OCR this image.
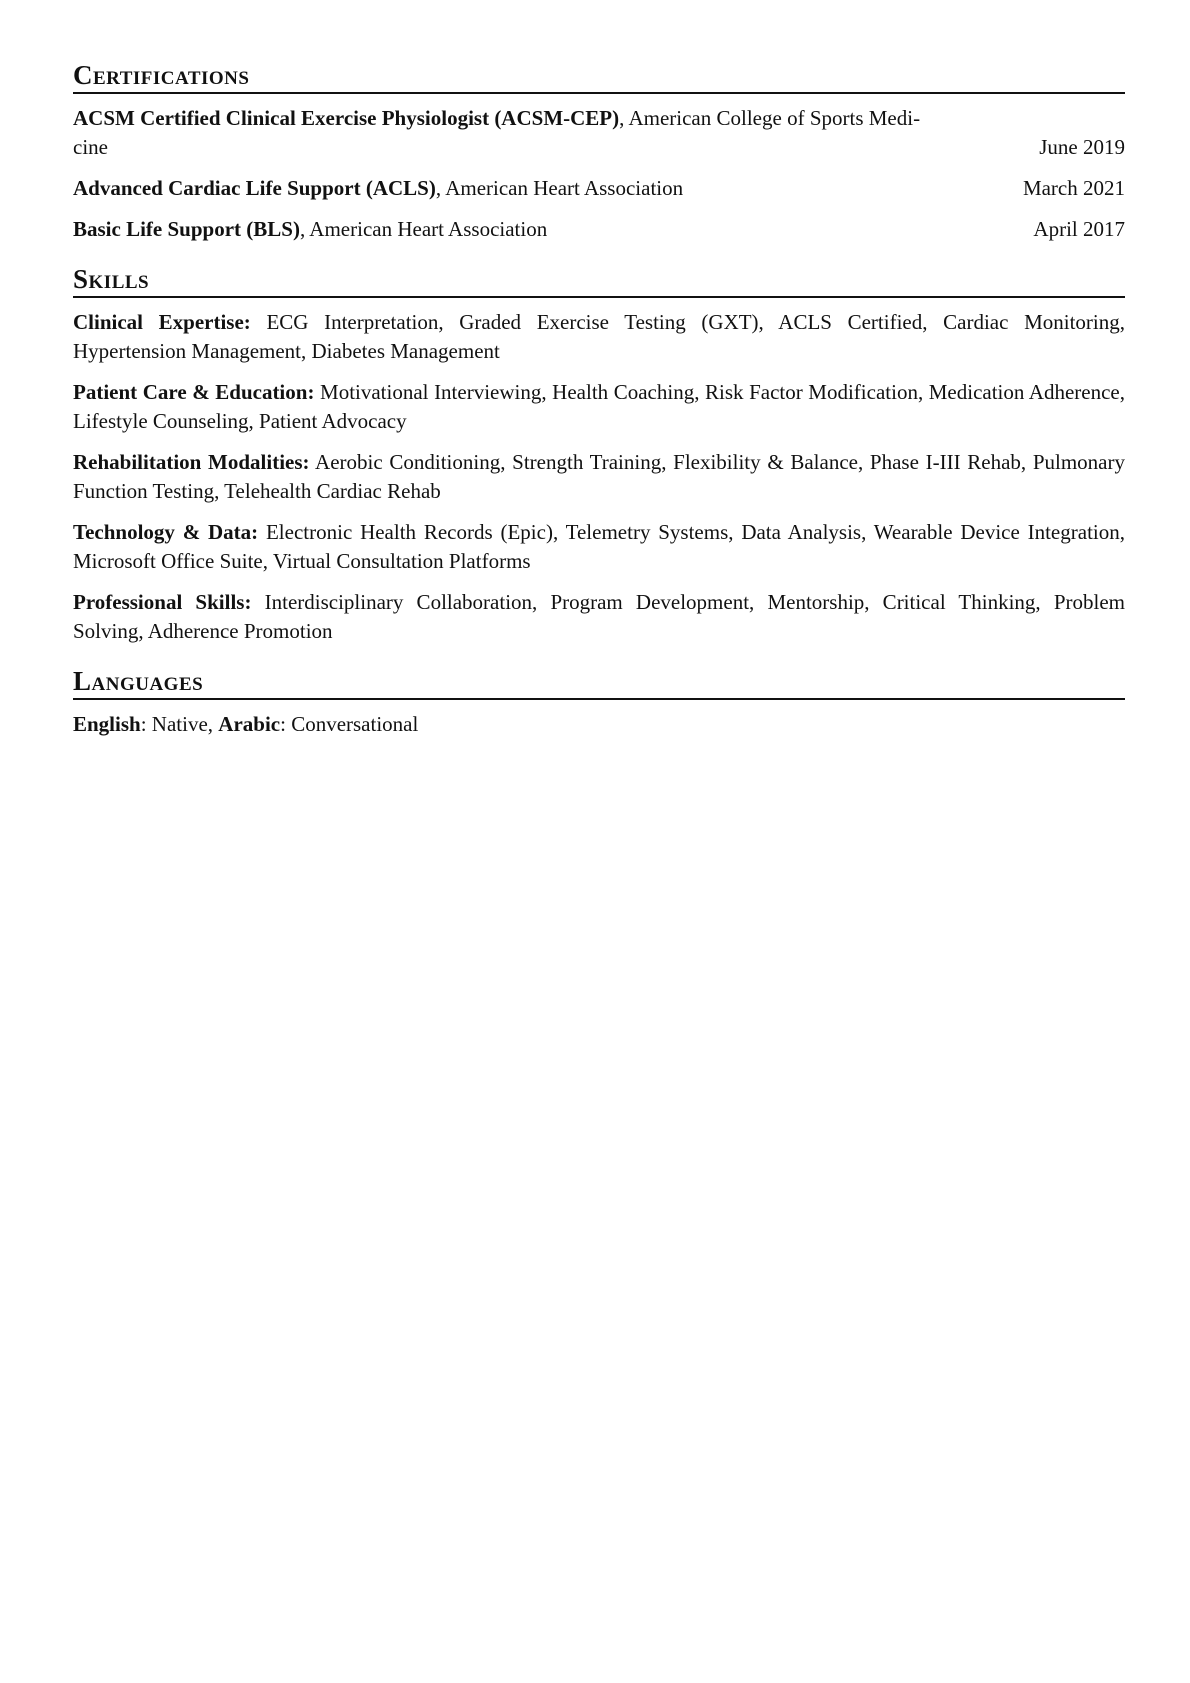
Certifications
ACSM Certified Clinical Exercise Physiologist (ACSM-CEP), American College of Sports Medi-
cine	June 2019
Advanced Cardiac Life Support (ACLS), American Heart Association	March 2021
Basic Life Support (BLS), American Heart Association	April 2017
Skills
Clinical Expertise: ECG Interpretation, Graded Exercise Testing (GXT), ACLS Certified, Cardiac Monitoring, Hypertension Management, Diabetes Management
Patient Care & Education: Motivational Interviewing, Health Coaching, Risk Factor Modification, Medication Adherence, Lifestyle Counseling, Patient Advocacy
Rehabilitation Modalities: Aerobic Conditioning, Strength Training, Flexibility & Balance, Phase I-III Rehab, Pulmonary Function Testing, Telehealth Cardiac Rehab
Technology & Data: Electronic Health Records (Epic), Telemetry Systems, Data Analysis, Wearable Device Integration, Microsoft Office Suite, Virtual Consultation Platforms
Professional Skills: Interdisciplinary Collaboration, Program Development, Mentorship, Critical Thinking, Problem Solving, Adherence Promotion
Languages
English: Native, Arabic: Conversational
